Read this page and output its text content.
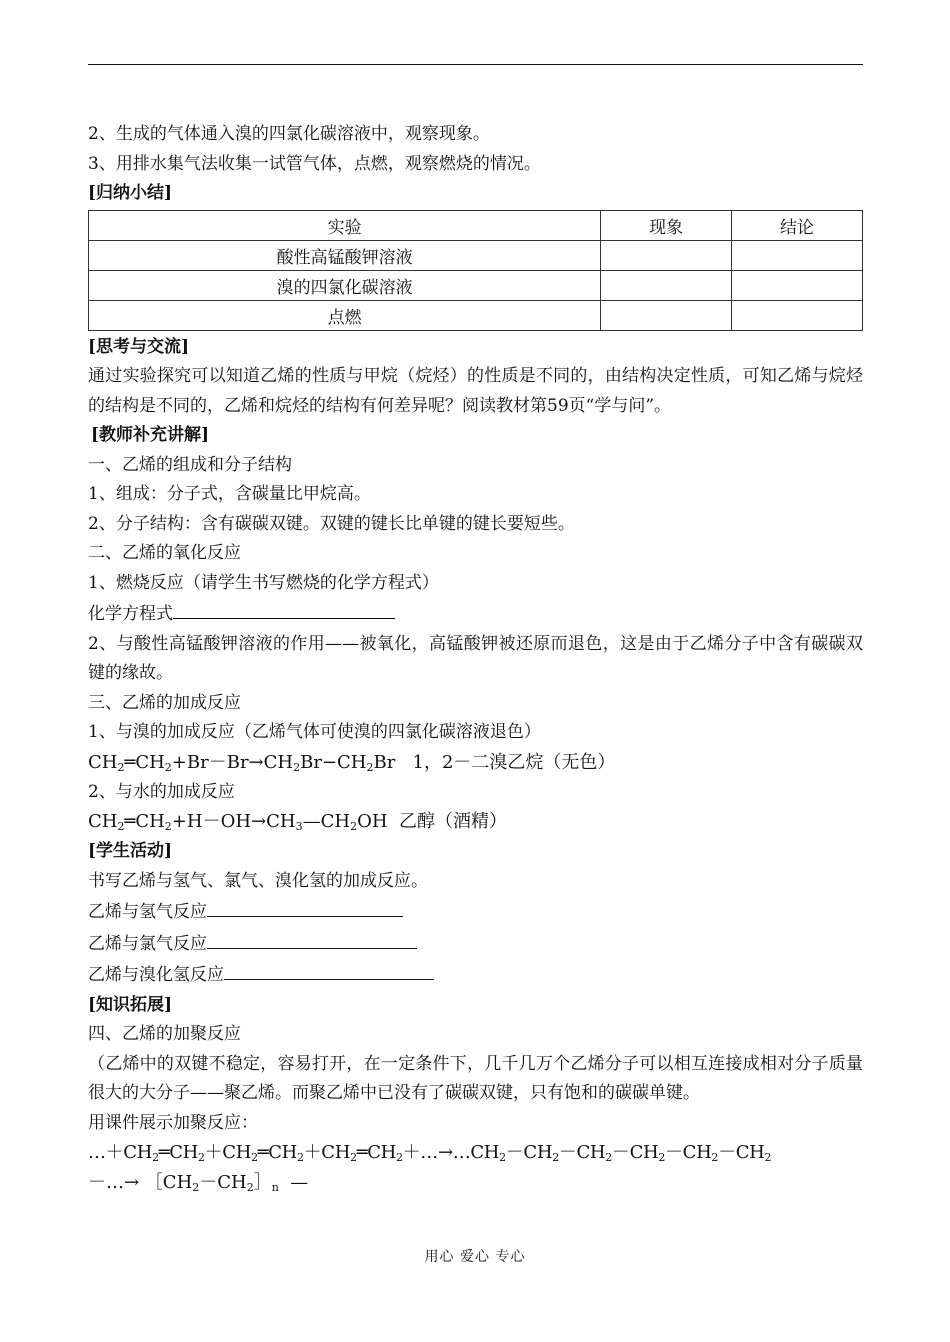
2、生成的气体通入溴的四氯化碳溶液中，观察现象。
3、用排水集气法收集一试管气体，点燃，观察燃烧的情况。
[归纳小结]
实验	现象	结论
酸性高锰酸钾溶液		
溴的四氯化碳溶液		
点燃		
[思考与交流]
通过实验探究可以知道乙烯的性质与甲烷（烷烃）的性质是不同的，由结构决定性质，可知乙烯与烷烃的结构是不同的，乙烯和烷烃的结构有何差异呢？阅读教材第59页“学与问”。
[教师补充讲解]
一、乙烯的组成和分子结构
1、组成：分子式，含碳量比甲烷高。
2、分子结构：含有碳碳双键。双键的键长比单键的键长要短些。
二、乙烯的氧化反应
1、燃烧反应（请学生书写燃烧的化学方程式）
化学方程式
2、与酸性高锰酸钾溶液的作用——被氧化，高锰酸钾被还原而退色，这是由于乙烯分子中含有碳碳双键的缘故。
三、乙烯的加成反应
1、与溴的加成反应（乙烯气体可使溴的四氯化碳溶液退色）
$CH_2═CH_2+Br-Br\to CH_2Br-CH_2Br$   1，2－二溴乙烷（无色）
2、与水的加成反应
$CH_2═CH_2+H-OH\to CH_3—CH_2OH$  乙醇（酒精）
[学生活动]
书写乙烯与氢气、氯气、溴化氢的加成反应。
乙烯与氢气反应
乙烯与氯气反应
乙烯与溴化氢反应
[知识拓展]
四、乙烯的加聚反应
（乙烯中的双键不稳定，容易打开，在一定条件下，几千几万个乙烯分子可以相互连接成相对分子质量很大的大分子——聚乙烯。而聚乙烯中已没有了碳碳双键，只有饱和的碳碳单键。
用课件展示加聚反应：
$\dots+CH_2═CH_2+CH_2═CH_2+CH_2═CH_2+\dots\to\dots CH_2-CH_2-CH_2-CH_2-CH_2-CH_2$
－…→ $[CH_2-CH_2]_n$  —
用心 爱心 专心
